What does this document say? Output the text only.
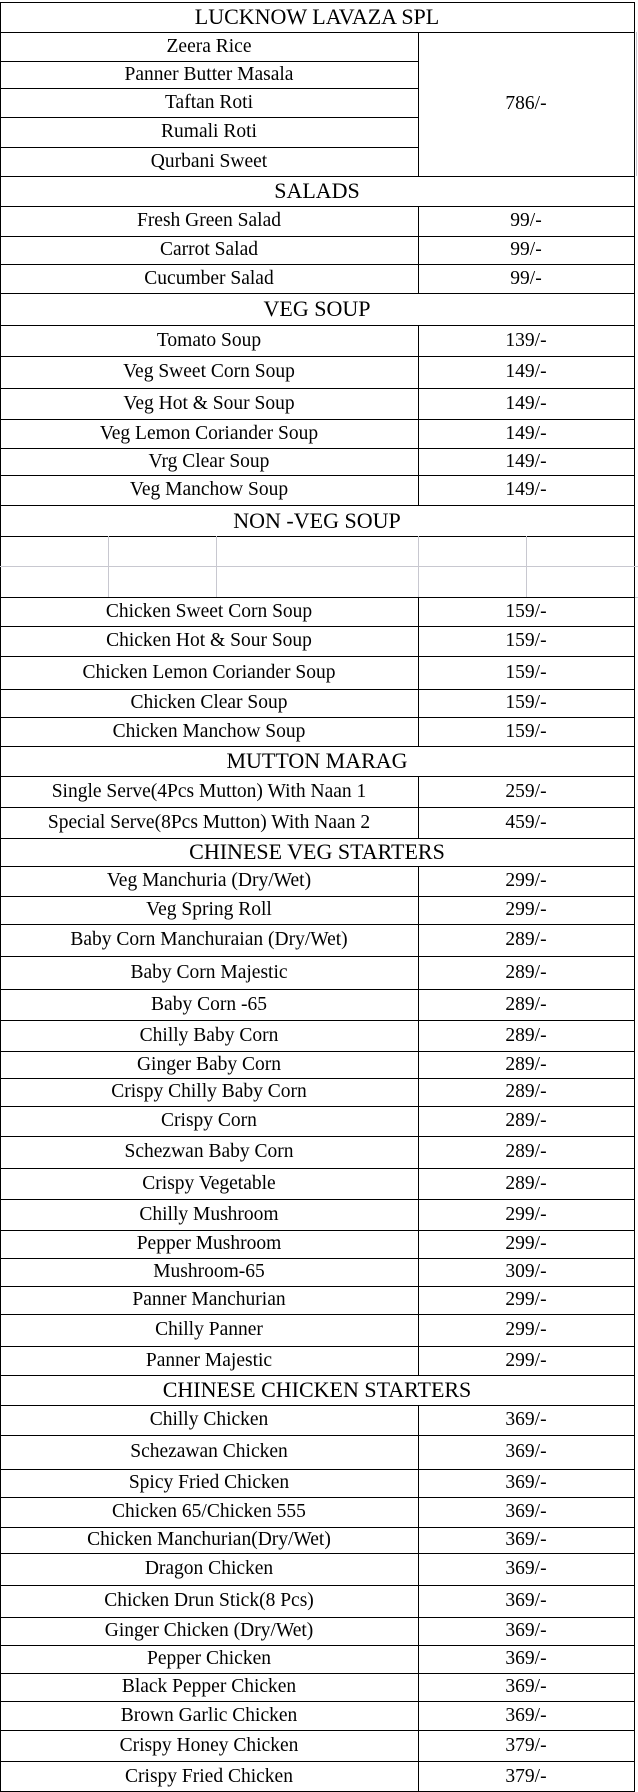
LUCKNOW LAVAZA SPL
Zeera Rice
Panner Butter Masala
Taftan Roti
Rumali Roti
Qurbani Sweet
786/-
SALADS
Fresh Green Salad	99/-
Carrot Salad	99/-
Cucumber Salad	99/-
VEG SOUP
Tomato Soup	139/-
Veg Sweet Corn Soup	149/-
Veg Hot & Sour Soup	149/-
Veg Lemon Coriander Soup	149/-
Vrg Clear Soup	149/-
Veg Manchow Soup	149/-
NON -VEG SOUP
Chicken Sweet Corn Soup	159/-
Chicken Hot & Sour Soup	159/-
Chicken Lemon Coriander Soup	159/-
Chicken Clear Soup	159/-
Chicken Manchow Soup	159/-
MUTTON MARAG
Single Serve(4Pcs Mutton) With Naan 1	259/-
Special Serve(8Pcs Mutton) With Naan 2	459/-
CHINESE VEG STARTERS
Veg Manchuria (Dry/Wet)	299/-
Veg Spring Roll	299/-
Baby Corn Manchuraian (Dry/Wet)	289/-
Baby Corn Majestic	289/-
Baby Corn -65	289/-
Chilly Baby Corn	289/-
Ginger Baby Corn	289/-
Crispy Chilly Baby Corn	289/-
Crispy Corn	289/-
Schezwan Baby Corn	289/-
Crispy Vegetable	289/-
Chilly Mushroom	299/-
Pepper Mushroom	299/-
Mushroom-65	309/-
Panner Manchurian	299/-
Chilly Panner	299/-
Panner Majestic	299/-
CHINESE CHICKEN STARTERS
Chilly Chicken	369/-
Schezawan Chicken	369/-
Spicy Fried Chicken	369/-
Chicken 65/Chicken 555	369/-
Chicken Manchurian(Dry/Wet)	369/-
Dragon Chicken	369/-
Chicken Drun Stick(8 Pcs)	369/-
Ginger Chicken (Dry/Wet)	369/-
Pepper Chicken	369/-
Black Pepper Chicken	369/-
Brown Garlic Chicken	369/-
Crispy Honey Chicken	379/-
Crispy Fried Chicken	379/-
